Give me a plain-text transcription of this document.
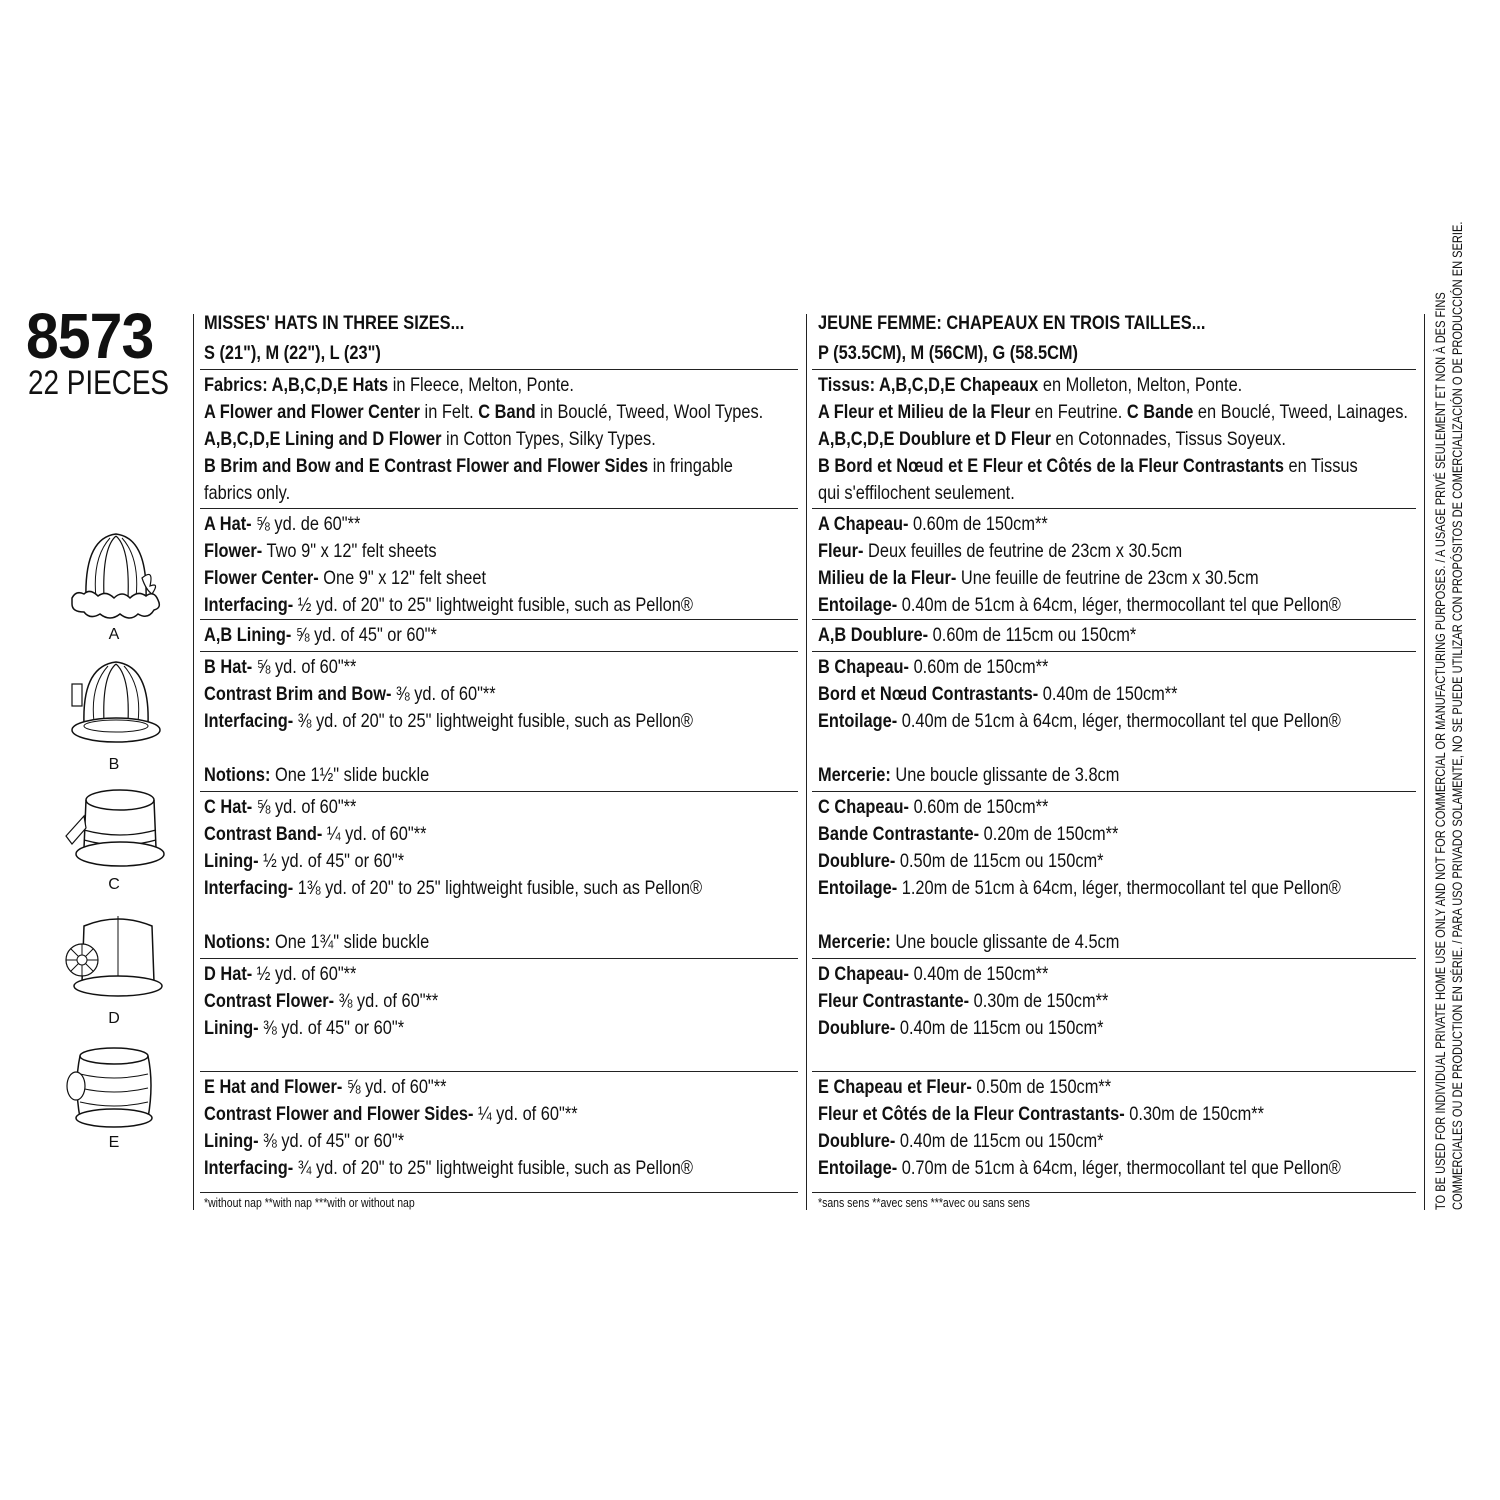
8573
22 PIECES
A
B
C
D
E
MISSES' HATS IN THREE SIZES...
S (21"), M (22"), L (23")
Fabrics: A,B,C,D,E Hats in Fleece, Melton, Ponte.
A Flower and Flower Center in Felt. C Band in Bouclé, Tweed, Wool Types.
A,B,C,D,E Lining and D Flower in Cotton Types, Silky Types.
B Brim and Bow and E Contrast Flower and Flower Sides in fringable
fabrics only.
A Hat- ⅝ yd. de 60"**
Flower- Two 9" x 12" felt sheets
Flower Center- One 9" x 12" felt sheet
Interfacing- ½ yd. of 20" to 25" lightweight fusible, such as Pellon®
A,B Lining- ⅝ yd. of 45" or 60"*
B Hat- ⅝ yd. of 60"**
Contrast Brim and Bow- ⅜ yd. of 60"**
Interfacing- ⅜ yd. of 20" to 25" lightweight fusible, such as Pellon®
Notions: One 1½" slide buckle
C Hat- ⅝ yd. of 60"**
Contrast Band- ¼ yd. of 60"**
Lining- ½ yd. of 45" or 60"*
Interfacing- 1⅜ yd. of 20" to 25" lightweight fusible, such as Pellon®
Notions: One 1¾" slide buckle
D Hat- ½ yd. of 60"**
Contrast Flower- ⅜ yd. of 60"**
Lining- ⅜ yd. of 45" or 60"*
E Hat and Flower- ⅝ yd. of 60"**
Contrast Flower and Flower Sides- ¼ yd. of 60"**
Lining- ⅜ yd. of 45" or 60"*
Interfacing- ¾ yd. of 20" to 25" lightweight fusible, such as Pellon®
*without nap **with nap ***with or without nap
JEUNE FEMME: CHAPEAUX EN TROIS TAILLES...
P (53.5CM), M (56CM), G (58.5CM)
Tissus: A,B,C,D,E Chapeaux en Molleton, Melton, Ponte.
A Fleur et Milieu de la Fleur en Feutrine. C Bande en Bouclé, Tweed, Lainages.
A,B,C,D,E Doublure et D Fleur en Cotonnades, Tissus Soyeux.
B Bord et Nœud et E Fleur et Côtés de la Fleur Contrastants en Tissus
qui s'effilochent seulement.
A Chapeau- 0.60m de 150cm**
Fleur- Deux feuilles de feutrine de 23cm x 30.5cm
Milieu de la Fleur- Une feuille de feutrine de 23cm x 30.5cm
Entoilage- 0.40m de 51cm à 64cm, léger, thermocollant tel que Pellon®
A,B Doublure- 0.60m de 115cm ou 150cm*
B Chapeau- 0.60m de 150cm**
Bord et Nœud Contrastants- 0.40m de 150cm**
Entoilage- 0.40m de 51cm à 64cm, léger, thermocollant tel que Pellon®
Mercerie: Une boucle glissante de 3.8cm
C Chapeau- 0.60m de 150cm**
Bande Contrastante- 0.20m de 150cm**
Doublure- 0.50m de 115cm ou 150cm*
Entoilage- 1.20m de 51cm à 64cm, léger, thermocollant tel que Pellon®
Mercerie: Une boucle glissante de 4.5cm
D Chapeau- 0.40m de 150cm**
Fleur Contrastante- 0.30m de 150cm**
Doublure- 0.40m de 115cm ou 150cm*
E Chapeau et Fleur- 0.50m de 150cm**
Fleur et Côtés de la Fleur Contrastants- 0.30m de 150cm**
Doublure- 0.40m de 115cm ou 150cm*
Entoilage- 0.70m de 51cm à 64cm, léger, thermocollant tel que Pellon®
*sans sens **avec sens ***avec ou sans sens	TO BE USED FOR INDIVIDUAL PRIVATE HOME USE ONLY AND NOT FOR COMMERCIAL OR MANUFACTURING PURPOSES. / A USAGE PRIVÉ SEULEMENT ET NON À DES FINS COMMERCIALES OU DE PRODUCTION EN SÉRIE. / PARA USO PRIVADO SOLAMENTE, NO SE PUEDE UTILIZAR CON PROPÓSITOS DE COMERCIALIZACIÓN O DE PRODUCCIÓN EN SERIE.
